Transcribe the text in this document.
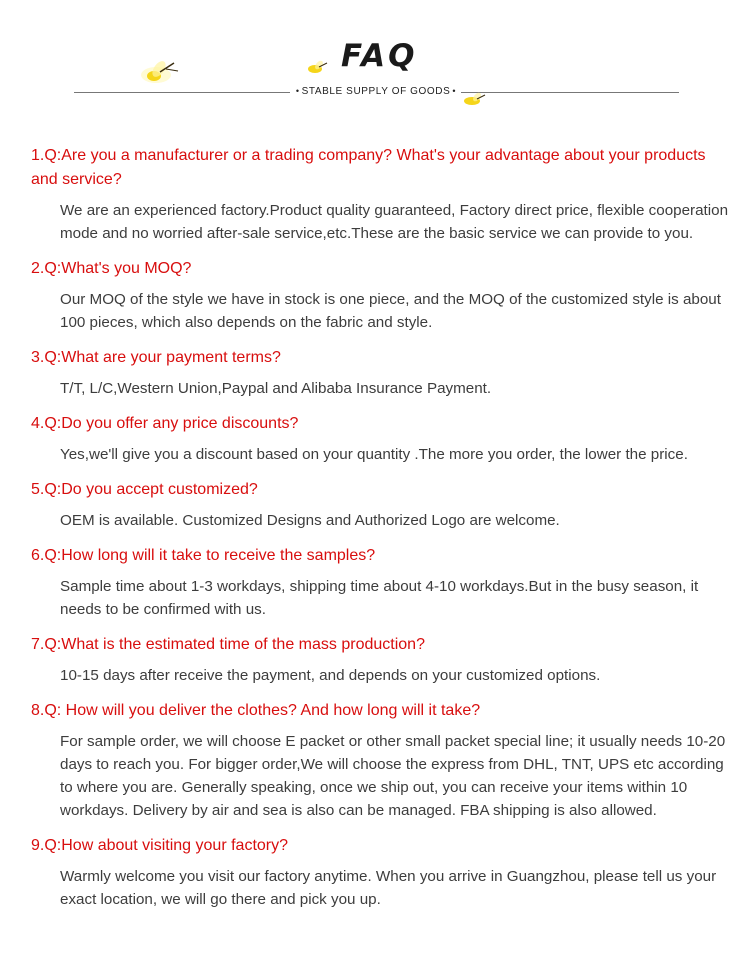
FAQ
• STABLE SUPPLY OF GOODS •

1.Q:Are you a manufacturer or a trading company? What's your advantage about your products and service?

We are an experienced factory.Product quality guaranteed, Factory direct price, flexible cooperation mode and no worried after-sale service,etc.These are the basic service we can provide to you.

2.Q:What's you MOQ?

Our MOQ of the style we have in stock is one piece, and the MOQ of the customized style is about 100 pieces, which also depends on the fabric and style.

3.Q:What are your payment terms?

T/T, L/C,Western Union,Paypal and Alibaba Insurance Payment.

4.Q:Do you offer any price discounts?

Yes,we'll give you a discount based on your quantity .The more you order, the lower the price.

5.Q:Do you accept customized?

OEM is available. Customized Designs and Authorized Logo are welcome.

6.Q:How long will it take to receive the samples?

Sample time about 1-3 workdays, shipping time about 4-10 workdays.But in the busy season, it needs to be confirmed with us.

7.Q:What is the estimated time of the mass production?

10-15 days after receive the payment, and depends on your customized options.

8.Q: How will you deliver the clothes? And how long will it take?

For sample order, we will choose E packet or other small packet special line; it usually needs 10-20 days to reach you. For bigger order,We will choose the express from DHL, TNT, UPS etc according to where you are. Generally speaking, once we ship out, you can receive your items within 10 workdays. Delivery by air and sea is also can be managed. FBA shipping is also allowed.

9.Q:How about visiting your factory?

Warmly welcome you visit our factory anytime. When you arrive in Guangzhou, please tell us your exact location, we will go there and pick you up.
